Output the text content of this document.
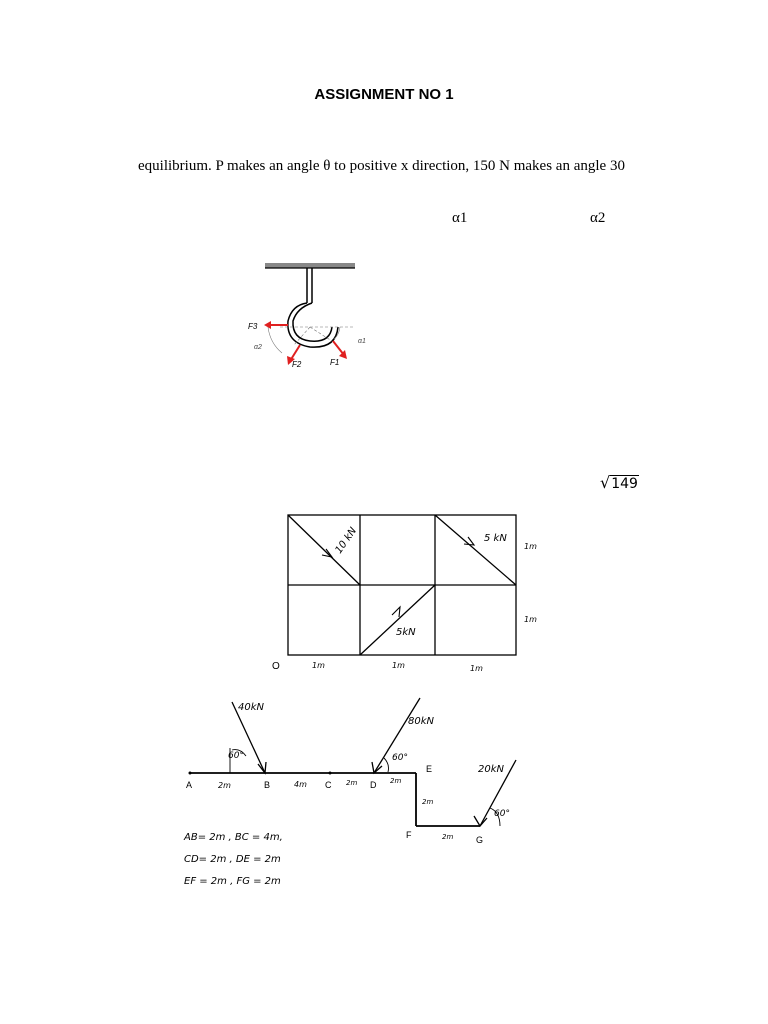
ASSIGNMENT NO 1
equilibrium. P makes an angle θ to positive x direction, 150 N makes an angle 30
α1	α2
√149
F3
F2	F1
α1
α2
10 kN	5 kN
5kN
1m
1m
1m	1m	1m
O
40kN
80kN
20kN
60°	60°
60°
A	B	C	D
E
F	G
2m	4m	2m	2m
2m
2m
AB= 2m , BC = 4m,
CD= 2m , DE = 2m
EF = 2m , FG = 2m
